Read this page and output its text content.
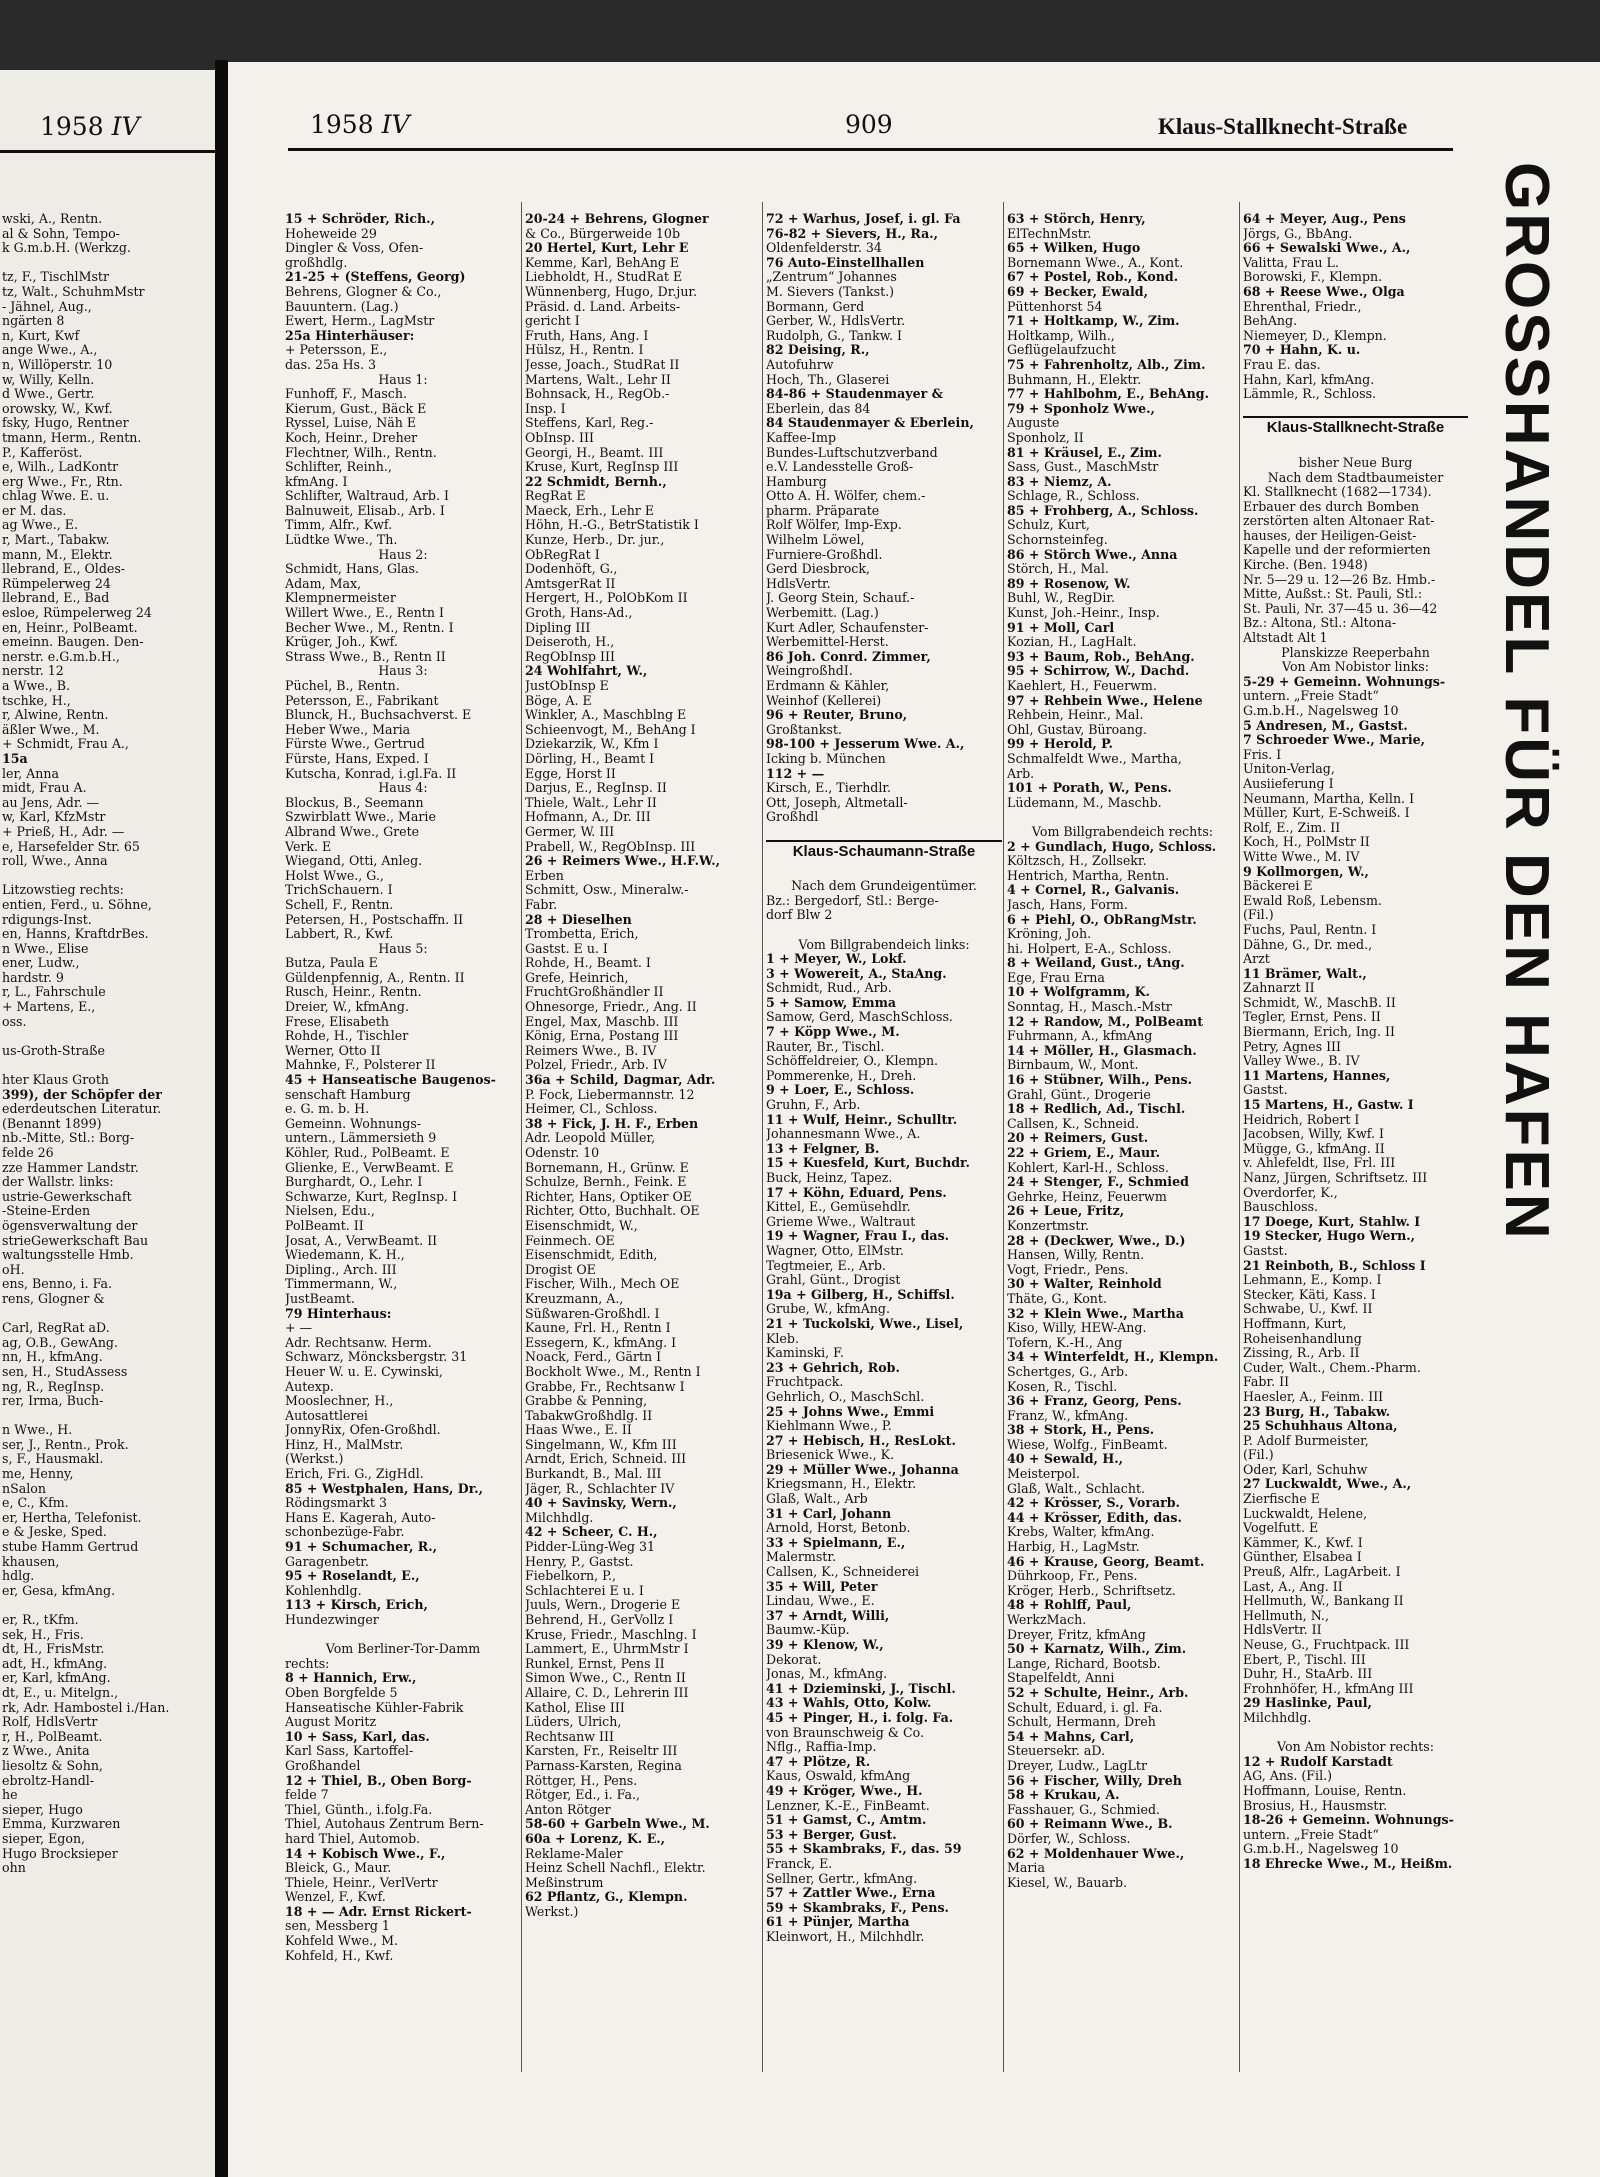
1958 IV
wski, A., Rentn.
al & Sohn, Tempo-
k G.m.b.H. (Werkzg.
tz, F., TischlMstr
tz, Walt., SchuhmMstr
- Jähnel, Aug.,
ngärten 8
n, Kurt, Kwf
ange Wwe., A.,
n, Willöperstr. 10
w, Willy, Kelln.
d Wwe., Gertr.
orowsky, W., Kwf.
fsky, Hugo, Rentner
tmann, Herm., Rentn.
P., Kafferöst.
e, Wilh., LadKontr
erg Wwe., Fr., Rtn.
chlag Wwe. E. u.
er M. das.
ag Wwe., E.
r, Mart., Tabakw.
mann, M., Elektr.
llebrand, E., Oldes-
Rümpelerweg 24
llebrand, E., Bad
esloe, Rümpelerweg 24
en, Heinr., PolBeamt.
emeinn. Baugen. Den-
nerstr. e.G.m.b.H.,
nerstr. 12
a Wwe., B.
tschke, H.,
r, Alwine, Rentn.
äßler Wwe., M.
+ Schmidt, Frau A.,
15a
ler, Anna
midt, Frau A.
au Jens, Adr. —
w, Karl, KfzMstr
+ Prieß, H., Adr. —
e, Harsefelder Str. 65
roll, Wwe., Anna
Litzowstieg rechts:
entien, Ferd., u. Söhne,
rdigungs-Inst.
en, Hanns, KraftdrBes.
n Wwe., Elise
ener, Ludw.,
hardstr. 9
r, L., Fahrschule
+ Martens, E.,
oss.
us-Groth-Straße
hter Klaus Groth
399), der Schöpfer der
ederdeutschen Literatur.
(Benannt 1899)
nb.-Mitte, Stl.: Borg-
felde 26
zze Hammer Landstr.
der Wallstr. links:
ustrie-Gewerkschaft
-Steine-Erden
ögensverwaltung der
strieGewerkschaft Bau
waltungsstelle Hmb.
oH.
ens, Benno, i. Fa.
rens, Glogner &
Carl, RegRat aD.
ag, O.B., GewAng.
nn, H., kfmAng.
sen, H., StudAssess
ng, R., RegInsp.
rer, Irma, Buch-
n Wwe., H.
ser, J., Rentn., Prok.
s, F., Hausmakl.
me, Henny,
nSalon
e, C., Kfm.
er, Hertha, Telefonist.
e & Jeske, Sped.
stube Hamm Gertrud
khausen,
hdlg.
er, Gesa, kfmAng.
er, R., tKfm.
sek, H., Fris.
dt, H., FrisMstr.
adt, H., kfmAng.
er, Karl, kfmAng.
dt, E., u. Mitelgn.,
rk, Adr. Hambostel i./Han.
Rolf, HdlsVertr
r, H., PolBeamt.
z Wwe., Anita
liesoltz & Sohn,
ebroltz-Handl-
he
sieper, Hugo
Emma, Kurzwaren
sieper, Egon,
Hugo Brocksieper
ohn
1958 IV	909	Klaus-Stallknecht-Straße
15 + Schröder, Rich.,
Hoheweide 29
Dingler & Voss, Ofen-
großhdlg.
21-25 + (Steffens, Georg)
Behrens, Glogner & Co.,
Bauuntern. (Lag.)
Ewert, Herm., LagMstr
25a Hinterhäuser:
+ Petersson, E.,
das. 25a Hs. 3
Haus 1:
Funhoff, F., Masch.
Kierum, Gust., Bäck E
Ryssel, Luise, Näh E
Koch, Heinr., Dreher
Flechtner, Wilh., Rentn.
Schlifter, Reinh.,
kfmAng. I
Schlifter, Waltraud, Arb. I
Balnuweit, Elisab., Arb. I
Timm, Alfr., Kwf.
Lüdtke Wwe., Th.
Haus 2:
Schmidt, Hans, Glas.
Adam, Max,
Klempnermeister
Willert Wwe., E., Rentn I
Becher Wwe., M., Rentn. I
Krüger, Joh., Kwf.
Strass Wwe., B., Rentn II
Haus 3:
Püchel, B., Rentn.
Petersson, E., Fabrikant
Blunck, H., Buchsachverst. E
Heber Wwe., Maria
Fürste Wwe., Gertrud
Fürste, Hans, Exped. I
Kutscha, Konrad, i.gl.Fa. II
Haus 4:
Blockus, B., Seemann
Szwirblatt Wwe., Marie
Albrand Wwe., Grete
Verk. E
Wiegand, Otti, Anleg.
Holst Wwe., G.,
TrichSchauern. I
Schell, F., Rentn.
Petersen, H., Postschaffn. II
Labbert, R., Kwf.
Haus 5:
Butza, Paula E
Güldenpfennig, A., Rentn. II
Rusch, Heinr., Rentn.
Dreier, W., kfmAng.
Frese, Elisabeth
Rohde, H., Tischler
Werner, Otto II
Mahnke, F., Polsterer II
45 + Hanseatische Baugenos-
senschaft Hamburg
e. G. m. b. H.
Gemeinn. Wohnungs-
untern., Lämmersieth 9
Köhler, Rud., PolBeamt. E
Glienke, E., VerwBeamt. E
Burghardt, O., Lehr. I
Schwarze, Kurt, RegInsp. I
Nielsen, Edu.,
PolBeamt. II
Josat, A., VerwBeamt. II
Wiedemann, K. H.,
Dipling., Arch. III
Timmermann, W.,
JustBeamt.
79 Hinterhaus:
+ —
Adr. Rechtsanw. Herm.
Schwarz, Möncksbergstr. 31
Heuer W. u. E. Cywinski,
Autexp.
Mooslechner, H.,
Autosattlerei
JonnyRix, Ofen-Großhdl.
Hinz, H., MalMstr.
(Werkst.)
Erich, Fri. G., ZigHdl.
85 + Westphalen, Hans, Dr.,
Rödingsmarkt 3
Hans E. Kagerah, Auto-
schonbezüge-Fabr.
91 + Schumacher, R.,
Garagenbetr.
95 + Roselandt, E.,
Kohlenhdlg.
113 + Kirsch, Erich,
Hundezwinger
Vom Berliner-Tor-Damm
rechts:
8 + Hannich, Erw.,
Oben Borgfelde 5
Hanseatische Kühler-Fabrik
August Moritz
10 + Sass, Karl, das.
Karl Sass, Kartoffel-
Großhandel
12 + Thiel, B., Oben Borg-
felde 7
Thiel, Günth., i.folg.Fa.
Thiel, Autohaus Zentrum Bern-
hard Thiel, Automob.
14 + Kobisch Wwe., F.,
Bleick, G., Maur.
Thiele, Heinr., VerlVertr
Wenzel, F., Kwf.
18 + — Adr. Ernst Rickert-
sen, Messberg 1
Kohfeld Wwe., M.
Kohfeld, H., Kwf.
20-24 + Behrens, Glogner
& Co., Bürgerweide 10b
20 Hertel, Kurt, Lehr E
Kemme, Karl, BehAng E
Liebholdt, H., StudRat E
Wünnenberg, Hugo, Dr.jur.
Präsid. d. Land. Arbeits-
gericht I
Fruth, Hans, Ang. I
Hülsz, H., Rentn. I
Jesse, Joach., StudRat II
Martens, Walt., Lehr II
Bohnsack, H., RegOb.-
Insp. I
Steffens, Karl, Reg.-
ObInsp. III
Georgi, H., Beamt. III
Kruse, Kurt, RegInsp III
22 Schmidt, Bernh.,
RegRat E
Maeck, Erh., Lehr E
Höhn, H.-G., BetrStatistik I
Kunze, Herb., Dr. jur.,
ObRegRat I
Dodenhöft, G.,
AmtsgerRat II
Hergert, H., PolObKom II
Groth, Hans-Ad.,
Dipling III
Deiseroth, H.,
RegObInsp III
24 Wohlfahrt, W.,
JustObInsp E
Böge, A. E
Winkler, A., Maschblng E
Schieenvogt, M., BehAng I
Dziekarzik, W., Kfm I
Dörling, H., Beamt I
Egge, Horst II
Darjus, E., RegInsp. II
Thiele, Walt., Lehr II
Hofmann, A., Dr. III
Germer, W. III
Prabell, W., RegObInsp. III
26 + Reimers Wwe., H.F.W.,
Erben
Schmitt, Osw., Mineralw.-
Fabr.
28 + Dieselhen
Trombetta, Erich,
Gastst. E u. I
Rohde, H., Beamt. I
Grefe, Heinrich,
FruchtGroßhändler II
Ohnesorge, Friedr., Ang. II
Engel, Max, Maschb. III
König, Erna, Postang III
Reimers Wwe., B. IV
Polzel, Friedr., Arb. IV
36a + Schild, Dagmar, Adr.
P. Fock, Liebermannstr. 12
Heimer, Cl., Schloss.
38 + Fick, J. H. F., Erben
Adr. Leopold Müller,
Odenstr. 10
Bornemann, H., Grünw. E
Schulze, Bernh., Feink. E
Richter, Hans, Optiker OE
Richter, Otto, Buchhalt. OE
Eisenschmidt, W.,
Feinmech. OE
Eisenschmidt, Edith,
Drogist OE
Fischer, Wilh., Mech OE
Kreuzmann, A.,
Süßwaren-Großhdl. I
Kaune, Frl. H., Rentn I
Essegern, K., kfmAng. I
Noack, Ferd., Gärtn I
Bockholt Wwe., M., Rentn I
Grabbe, Fr., Rechtsanw I
Grabbe & Penning,
TabakwGroßhdlg. II
Haas Wwe., E. II
Singelmann, W., Kfm III
Arndt, Erich, Schneid. III
Burkandt, B., Mal. III
Jäger, R., Schlachter IV
40 + Savinsky, Wern.,
Milchhdlg.
42 + Scheer, C. H.,
Pidder-Lüng-Weg 31
Henry, P., Gastst.
Fiebelkorn, P.,
Schlachterei E u. I
Juuls, Wern., Drogerie E
Behrend, H., GerVollz I
Kruse, Friedr., Maschlng. I
Lammert, E., UhrmMstr I
Runkel, Ernst, Pens II
Simon Wwe., C., Rentn II
Allaire, C. D., Lehrerin III
Kathol, Elise III
Lüders, Ulrich,
Rechtsanw III
Karsten, Fr., Reiseltr III
Parnass-Karsten, Regina
Röttger, H., Pens.
Rötger, Ed., i. Fa.,
Anton Rötger
58-60 + Garbeln Wwe., M.
60a + Lorenz, K. E.,
Reklame-Maler
Heinz Schell Nachfl., Elektr.
Meßinstrum
62 Pflantz, G., Klempn.
Werkst.)
72 + Warhus, Josef, i. gl. Fa
76-82 + Sievers, H., Ra.,
Oldenfelderstr. 34
76 Auto-Einstellhallen
„Zentrum“ Johannes
M. Sievers (Tankst.)
Bormann, Gerd
Gerber, W., HdlsVertr.
Rudolph, G., Tankw. I
82 Deising, R.,
Autofuhrw
Hoch, Th., Glaserei
84-86 + Staudenmayer &
Eberlein, das 84
84 Staudenmayer & Eberlein,
Kaffee-Imp
Bundes-Luftschutzverband
e.V. Landesstelle Groß-
Hamburg
Otto A. H. Wölfer, chem.-
pharm. Präparate
Rolf Wölfer, Imp-Exp.
Wilhelm Löwel,
Furniere-Großhdl.
Gerd Diesbrock,
HdlsVertr.
J. Georg Stein, Schauf.-
Werbemitt. (Lag.)
Kurt Adler, Schaufenster-
Werbemittel-Herst.
86 Joh. Conrd. Zimmer,
WeingroßhdI.
Erdmann & Kähler,
Weinhof (Kellerei)
96 + Reuter, Bruno,
Großtankst.
98-100 + Jesserum Wwe. A.,
Icking b. München
112 + —
Kirsch, E., Tierhdlr.
Ott, Joseph, Altmetall-
Großhdl
Klaus-Schaumann-Straße
Nach dem Grundeigentümer.
Bz.: Bergedorf, Stl.: Berge-
dorf Blw 2
Vom Billgrabendeich links:
1 + Meyer, W., Lokf.
3 + Wowereit, A., StaAng.
Schmidt, Rud., Arb.
5 + Samow, Emma
Samow, Gerd, MaschSchloss.
7 + Köpp Wwe., M.
Rauter, Br., Tischl.
Schöffeldreier, O., Klempn.
Pommerenke, H., Dreh.
9 + Loer, E., Schloss.
Gruhn, F., Arb.
11 + Wulf, Heinr., Schulltr.
Johannesmann Wwe., A.
13 + Felgner, B.
15 + Kuesfeld, Kurt, Buchdr.
Buck, Heinz, Tapez.
17 + Köhn, Eduard, Pens.
Kittel, E., Gemüsehdlr.
Grieme Wwe., Waltraut
19 + Wagner, Frau I., das.
Wagner, Otto, ElMstr.
Tegtmeier, E., Arb.
Grahl, Günt., Drogist
19a + Gilberg, H., Schiffsl.
Grube, W., kfmAng.
21 + Tuckolski, Wwe., Lisel,
Kleb.
Kaminski, F.
23 + Gehrich, Rob.
Fruchtpack.
Gehrlich, O., MaschSchl.
25 + Johns Wwe., Emmi
Kiehlmann Wwe., P.
27 + Hebisch, H., ResLokt.
Briesenick Wwe., K.
29 + Müller Wwe., Johanna
Kriegsmann, H., Elektr.
Glaß, Walt., Arb
31 + Carl, Johann
Arnold, Horst, Betonb.
33 + Spielmann, E.,
Malermstr.
Callsen, K., Schneiderei
35 + Will, Peter
Lindau, Wwe., E.
37 + Arndt, Willi,
Baumw.-Küp.
39 + Klenow, W.,
Dekorat.
Jonas, M., kfmAng.
41 + Dzieminski, J., Tischl.
43 + Wahls, Otto, Kolw.
45 + Pinger, H., i. folg. Fa.
von Braunschweig & Co.
Nflg., Raffia-Imp.
47 + Plötze, R.
Kaus, Oswald, kfmAng
49 + Kröger, Wwe., H.
Lenzner, K.-E., FinBeamt.
51 + Gamst, C., Amtm.
53 + Berger, Gust.
55 + Skambraks, F., das. 59
Franck, E.
Sellner, Gertr., kfmAng.
57 + Zattler Wwe., Erna
59 + Skambraks, F., Pens.
61 + Pünjer, Martha
Kleinwort, H., Milchhdlr.
63 + Störch, Henry,
ElTechnMstr.
65 + Wilken, Hugo
Bornemann Wwe., A., Kont.
67 + Postel, Rob., Kond.
69 + Becker, Ewald,
Püttenhorst 54
71 + Holtkamp, W., Zim.
Holtkamp, Wilh.,
Geflügelaufzucht
75 + Fahrenholtz, Alb., Zim.
Buhmann, H., Elektr.
77 + Hahlbohm, E., BehAng.
79 + Sponholz Wwe.,
Auguste
Sponholz, II
81 + Kräusel, E., Zim.
Sass, Gust., MaschMstr
83 + Niemz, A.
Schlage, R., Schloss.
85 + Frohberg, A., Schloss.
Schulz, Kurt,
Schornsteinfeg.
86 + Störch Wwe., Anna
Störch, H., Mal.
89 + Rosenow, W.
Buhl, W., RegDir.
Kunst, Joh.-Heinr., Insp.
91 + Moll, Carl
Kozian, H., LagHalt.
93 + Baum, Rob., BehAng.
95 + Schirrow, W., Dachd.
Kaehlert, H., Feuerwm.
97 + Rehbein Wwe., Helene
Rehbein, Heinr., Mal.
Ohl, Gustav, Büroang.
99 + Herold, P.
Schmalfeldt Wwe., Martha,
Arb.
101 + Porath, W., Pens.
Lüdemann, M., Maschb.
Vom Billgrabendeich rechts:
2 + Gundlach, Hugo, Schloss.
Költzsch, H., Zollsekr.
Hentrich, Martha, Rentn.
4 + Cornel, R., Galvanis.
Jasch, Hans, Form.
6 + Piehl, O., ObRangMstr.
Kröning, Joh.
hi. Holpert, E-A., Schloss.
8 + Weiland, Gust., tAng.
Ege, Frau Erna
10 + Wolfgramm, K.
Sonntag, H., Masch.-Mstr
12 + Randow, M., PolBeamt
Fuhrmann, A., kfmAng
14 + Möller, H., Glasmach.
Birnbaum, W., Mont.
16 + Stübner, Wilh., Pens.
Grahl, Günt., Drogerie
18 + Redlich, Ad., Tischl.
Callsen, K., Schneid.
20 + Reimers, Gust.
22 + Griem, E., Maur.
Kohlert, Karl-H., Schloss.
24 + Stenger, F., Schmied
Gehrke, Heinz, Feuerwm
26 + Leue, Fritz,
Konzertmstr.
28 + (Deckwer, Wwe., D.)
Hansen, Willy, Rentn.
Vogt, Friedr., Pens.
30 + Walter, Reinhold
Thäte, G., Kont.
32 + Klein Wwe., Martha
Kiso, Willy, HEW-Ang.
Tofern, K.-H., Ang
34 + Winterfeldt, H., Klempn.
Schertges, G., Arb.
Kosen, R., Tischl.
36 + Franz, Georg, Pens.
Franz, W., kfmAng.
38 + Stork, H., Pens.
Wiese, Wolfg., FinBeamt.
40 + Sewald, H.,
Meisterpol.
Glaß, Walt., Schlacht.
42 + Krösser, S., Vorarb.
44 + Krösser, Edith, das.
Krebs, Walter, kfmAng.
Harbig, H., LagMstr.
46 + Krause, Georg, Beamt.
Dührkoop, Fr., Pens.
Kröger, Herb., Schriftsetz.
48 + Rohlff, Paul,
WerkzMach.
Dreyer, Fritz, kfmAng
50 + Karnatz, Wilh., Zim.
Lange, Richard, Bootsb.
Stapelfeldt, Anni
52 + Schulte, Heinr., Arb.
Schult, Eduard, i. gl. Fa.
Schult, Hermann, Dreh
54 + Mahns, Carl,
Steuersekr. aD.
Dreyer, Ludw., LagLtr
56 + Fischer, Willy, Dreh
58 + Krukau, A.
Fasshauer, G., Schmied.
60 + Reimann Wwe., B.
Dörfer, W., Schloss.
62 + Moldenhauer Wwe.,
Maria
Kiesel, W., Bauarb.
64 + Meyer, Aug., Pens
Jörgs, G., BbAng.
66 + Sewalski Wwe., A.,
Valitta, Frau L.
Borowski, F., Klempn.
68 + Reese Wwe., Olga
Ehrenthal, Friedr.,
BehAng.
Niemeyer, D., Klempn.
70 + Hahn, K. u.
Frau E. das.
Hahn, Karl, kfmAng.
Lämmle, R., Schloss.
Klaus-Stallknecht-Straße
bisher Neue Burg
Nach dem Stadtbaumeister
Kl. Stallknecht (1682—1734).
Erbauer des durch Bomben
zerstörten alten Altonaer Rat-
hauses, der Heiligen-Geist-
Kapelle und der reformierten
Kirche. (Ben. 1948)
Nr. 5—29 u. 12—26 Bz. Hmb.-
Mitte, Außst.: St. Pauli, Stl.:
St. Pauli, Nr. 37—45 u. 36—42
Bz.: Altona, Stl.: Altona-
Altstadt Alt 1
Planskizze Reeperbahn
Von Am Nobistor links:
5-29 + Gemeinn. Wohnungs-
untern. „Freie Stadt“
G.m.b.H., Nagelsweg 10
5 Andresen, M., Gastst.
7 Schroeder Wwe., Marie,
Fris. I
Uniton-Verlag,
Ausiieferung I
Neumann, Martha, Kelln. I
Müller, Kurt, E-Schweiß. I
Rolf, E., Zim. II
Koch, H., PolMstr II
Witte Wwe., M. IV
9 Kollmorgen, W.,
Bäckerei E
Ewald Roß, Lebensm.
(Fil.)
Fuchs, Paul, Rentn. I
Dähne, G., Dr. med.,
Arzt
11 Brämer, Walt.,
Zahnarzt II
Schmidt, W., MaschB. II
Tegler, Ernst, Pens. II
Biermann, Erich, Ing. II
Petry, Agnes III
Valley Wwe., B. IV
11 Martens, Hannes,
Gastst.
15 Martens, H., Gastw. I
Heidrich, Robert I
Jacobsen, Willy, Kwf. I
Mügge, G., kfmAng. II
v. Ahlefeldt, Ilse, Frl. III
Nanz, Jürgen, Schriftsetz. III
Overdorfer, K.,
Bauschloss.
17 Doege, Kurt, Stahlw. I
19 Stecker, Hugo Wern.,
Gastst.
21 Reinboth, B., Schloss I
Lehmann, E., Komp. I
Stecker, Käti, Kass. I
Schwabe, U., Kwf. II
Hoffmann, Kurt,
Roheisenhandlung
Zissing, R., Arb. II
Cuder, Walt., Chem.-Pharm.
Fabr. II
Haesler, A., Feinm. III
23 Burg, H., Tabakw.
25 Schuhhaus Altona,
P. Adolf Burmeister,
(Fil.)
Oder, Karl, Schuhw
27 Luckwaldt, Wwe., A.,
Zierfische E
Luckwaldt, Helene,
Vogelfutt. E
Kämmer, K., Kwf. I
Günther, Elsabea I
Preuß, Alfr., LagArbeit. I
Last, A., Ang. II
Hellmuth, W., Bankang II
Hellmuth, N.,
HdlsVertr. II
Neuse, G., Fruchtpack. III
Ebert, P., Tischl. III
Duhr, H., StaArb. III
Frohnhöfer, H., kfmAng III
29 Haslinke, Paul,
Milchhdlg.
Von Am Nobistor rechts:
12 + Rudolf Karstadt
AG, Ans. (Fil.)
Hoffmann, Louise, Rentn.
Brosius, H., Hausmstr.
18-26 + Gemeinn. Wohnungs-
untern. „Freie Stadt“
G.m.b.H., Nagelsweg 10
18 Ehrecke Wwe., M., Heißm.
GROSSHANDEL FÜR DEN HAFEN
